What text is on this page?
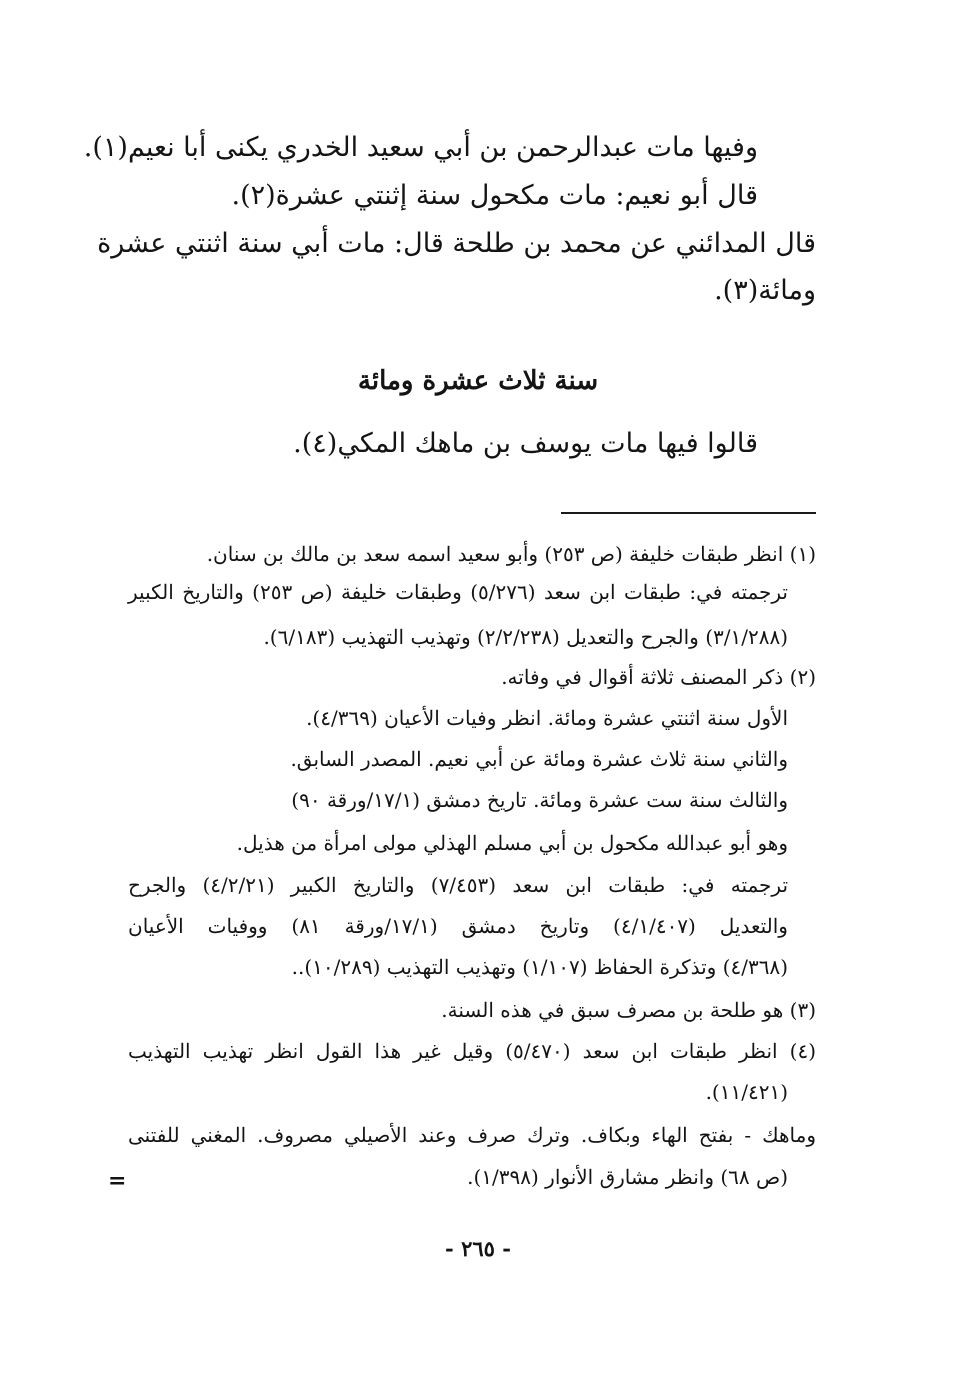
وفيها مات عبدالرحمن بن أبي سعيد الخدري يكنى أبا نعيم(١).
قال أبو نعيم: مات مكحول سنة إثنتي عشرة(٢).
قال المدائني عن محمد بن طلحة قال: مات أبي سنة اثنتي عشرة
ومائة(٣).
سنة ثلاث عشرة ومائة
قالوا فيها مات يوسف بن ماهك المكي(٤).
(١) انظر طبقات خليفة (ص ٢٥٣) وأبو سعيد اسمه سعد بن مالك بن سنان.
ترجمته في: طبقات ابن سعد (٥/٢٧٦) وطبقات خليفة (ص ٢٥٣) والتاريخ الكبير
(٣/١/٢٨٨) والجرح والتعديل (٢/٢/٢٣٨) وتهذيب التهذيب (٦/١٨٣).
(٢) ذكر المصنف ثلاثة أقوال في وفاته.
الأول سنة اثنتي عشرة ومائة. انظر وفيات الأعيان (٤/٣٦٩).
والثاني سنة ثلاث عشرة ومائة عن أبي نعيم. المصدر السابق.
والثالث سنة ست عشرة ومائة. تاريخ دمشق (١٧/١/ورقة ٩٠)
وهو أبو عبدالله مكحول بن أبي مسلم الهذلي مولى امرأة من هذيل.
ترجمته في: طبقات ابن سعد (٧/٤٥٣) والتاريخ الكبير (٤/٢/٢١) والجرح
والتعديل (٤/١/٤٠٧) وتاريخ دمشق (١٧/١/ورقة ٨١) ووفيات الأعيان
(٤/٣٦٨) وتذكرة الحفاظ (١/١٠٧) وتهذيب التهذيب (١٠/٢٨٩)..
(٣) هو طلحة بن مصرف سبق في هذه السنة.
(٤) انظر طبقات ابن سعد (٥/٤٧٠) وقيل غير هذا القول انظر تهذيب التهذيب
(١١/٤٢١).
وماهك - بفتح الهاء وبكاف. وترك صرف وعند الأصيلي مصروف. المغني للفتنى
(ص ٦٨) وانظر مشارق الأنوار (١/٣٩٨).
=
- ٢٦٥ -
